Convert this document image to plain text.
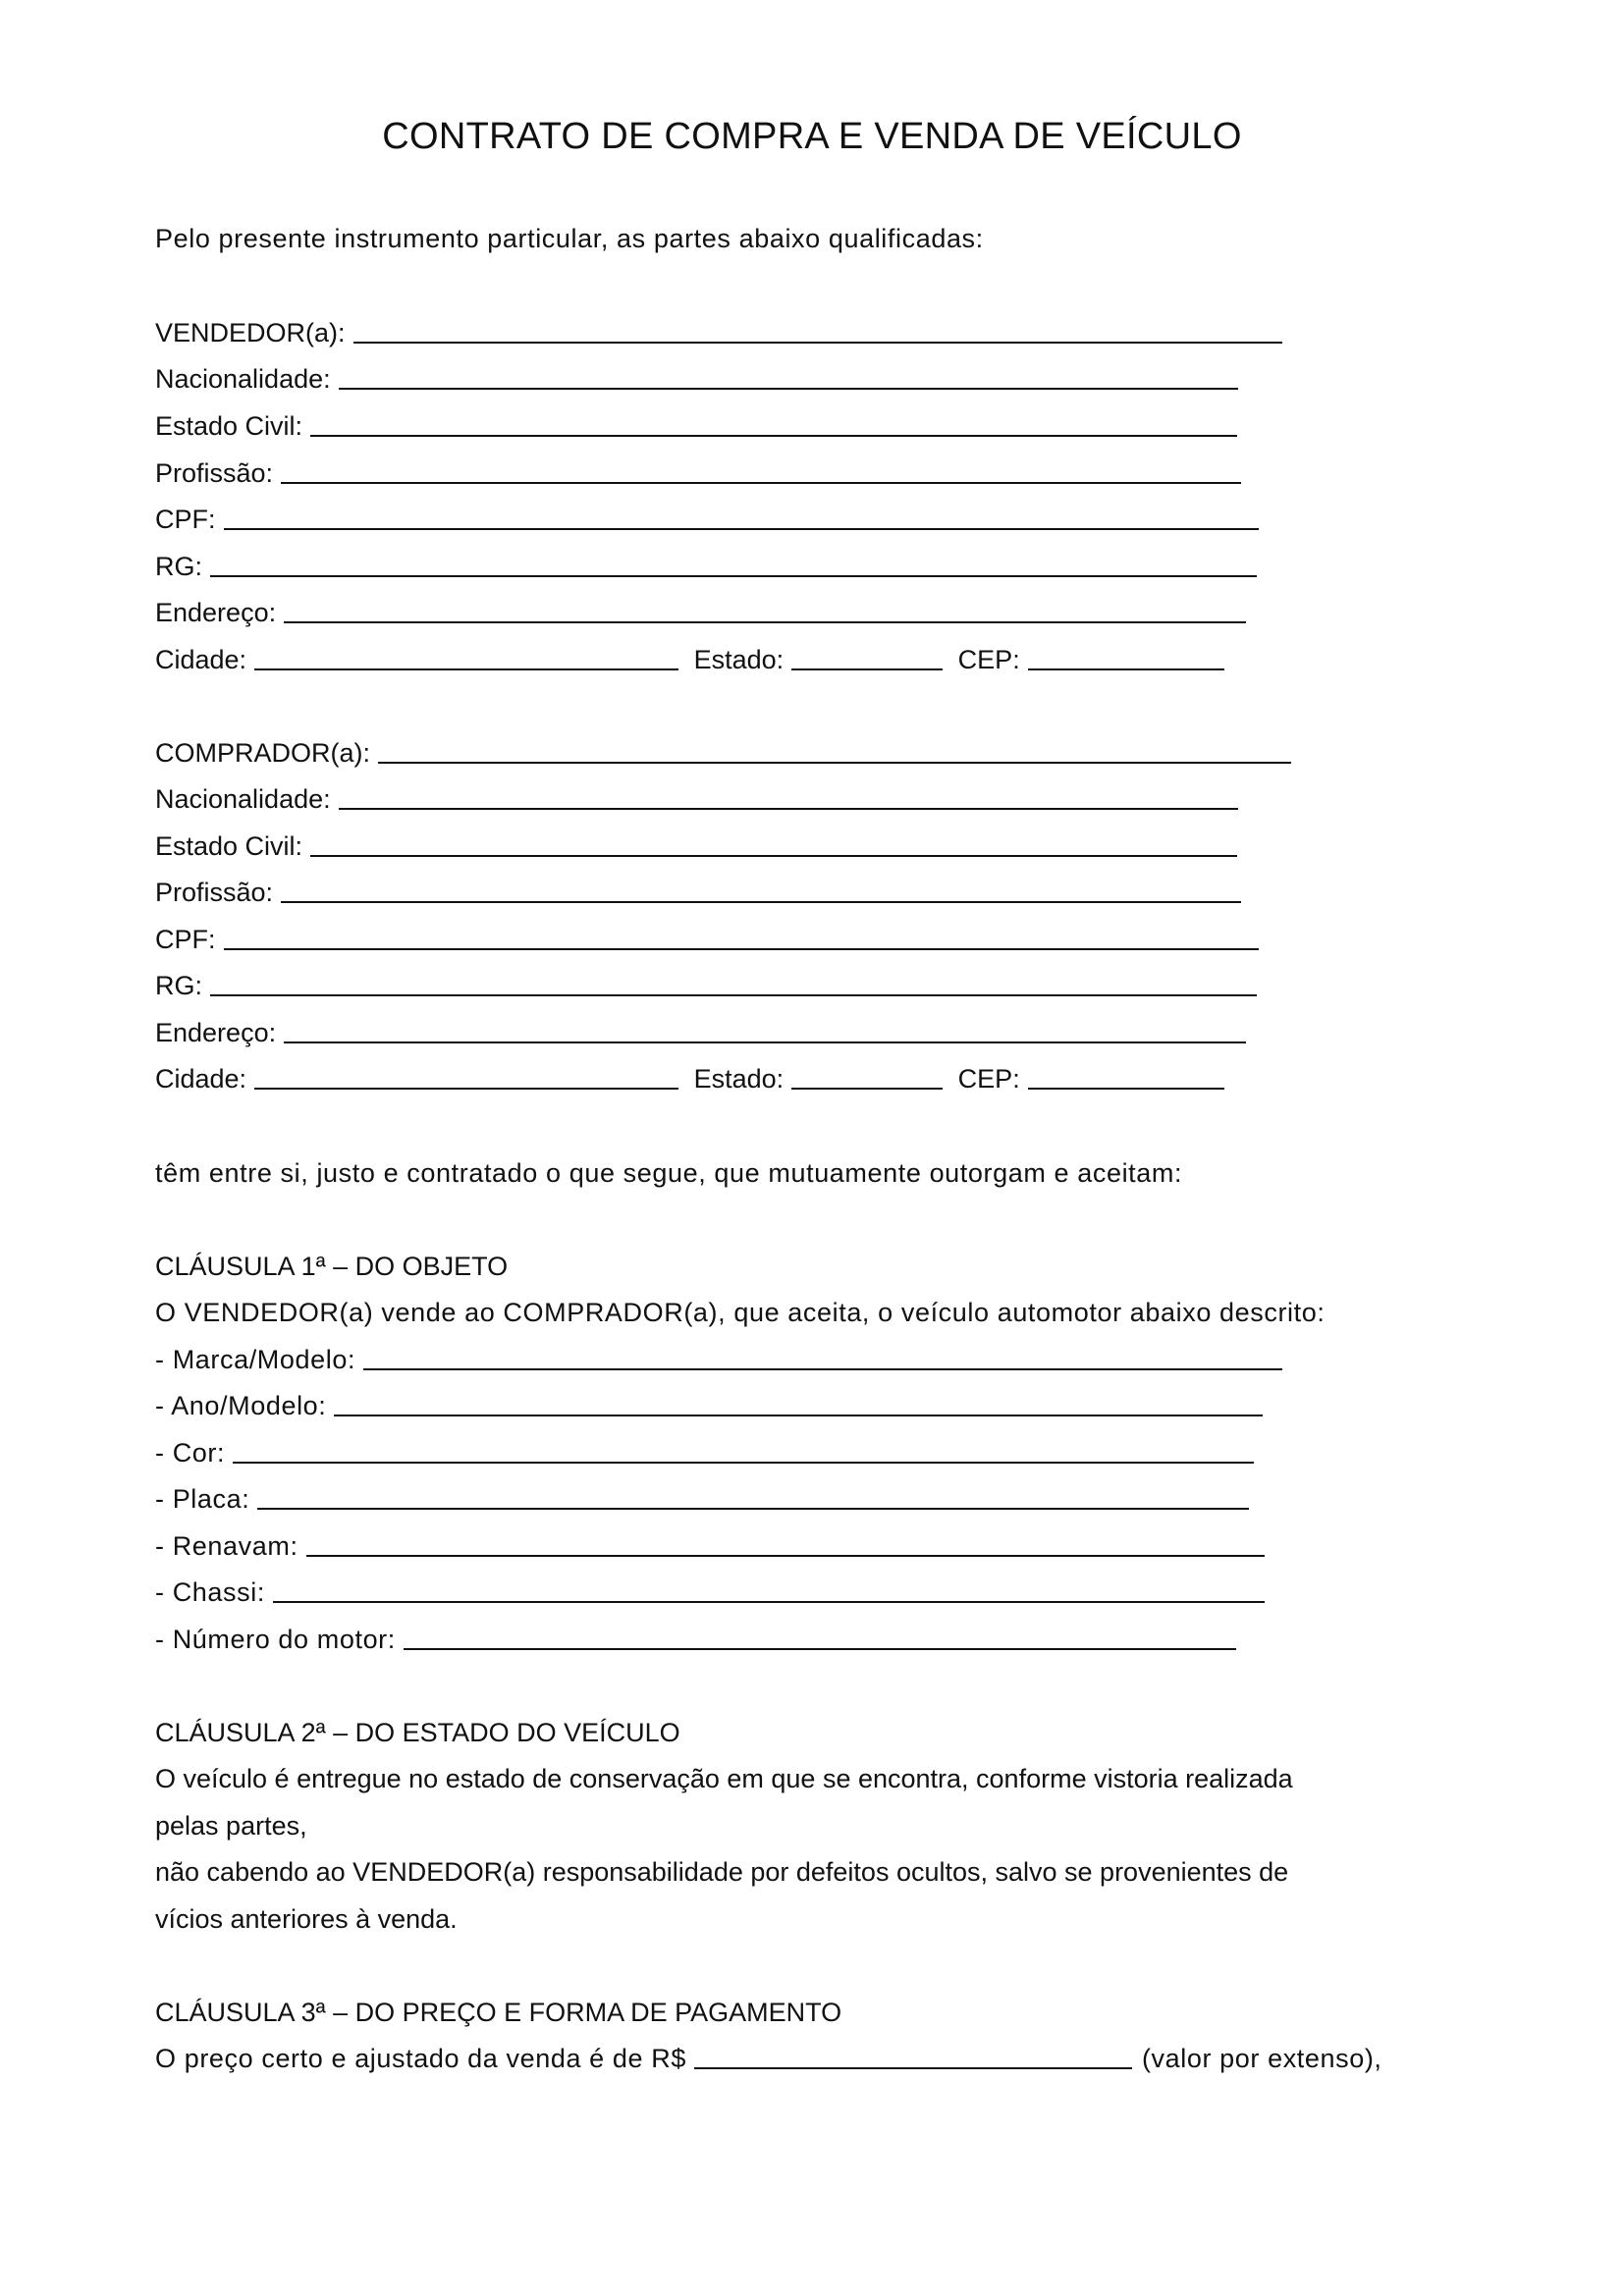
CONTRATO DE COMPRA E VENDA DE VEÍCULO
Pelo presente instrumento particular, as partes abaixo qualificadas:
VENDEDOR(a):
Nacionalidade:
Estado Civil:
Profissão:
CPF:
RG:
Endereço:
Cidade:
	Estado:
	CEP:
COMPRADOR(a):
Nacionalidade:
Estado Civil:
Profissão:
CPF:
RG:
Endereço:
Cidade:
	Estado:
	CEP:
têm entre si, justo e contratado o que segue, que mutuamente outorgam e aceitam:
CLÁUSULA 1ª – DO OBJETO
O VENDEDOR(a) vende ao COMPRADOR(a), que aceita, o veículo automotor abaixo descrito:
- Marca/Modelo:
- Ano/Modelo:
- Cor:
- Placa:
- Renavam:
- Chassi:
- Número do motor:
CLÁUSULA 2ª – DO ESTADO DO VEÍCULO
O veículo é entregue no estado de conservação em que se encontra, conforme vistoria realizada
pelas partes,
não cabendo ao VENDEDOR(a) responsabilidade por defeitos ocultos, salvo se provenientes de
vícios anteriores à venda.
CLÁUSULA 3ª – DO PREÇO E FORMA DE PAGAMENTO
O preço certo e ajustado da venda é de R$	(valor por extenso),
